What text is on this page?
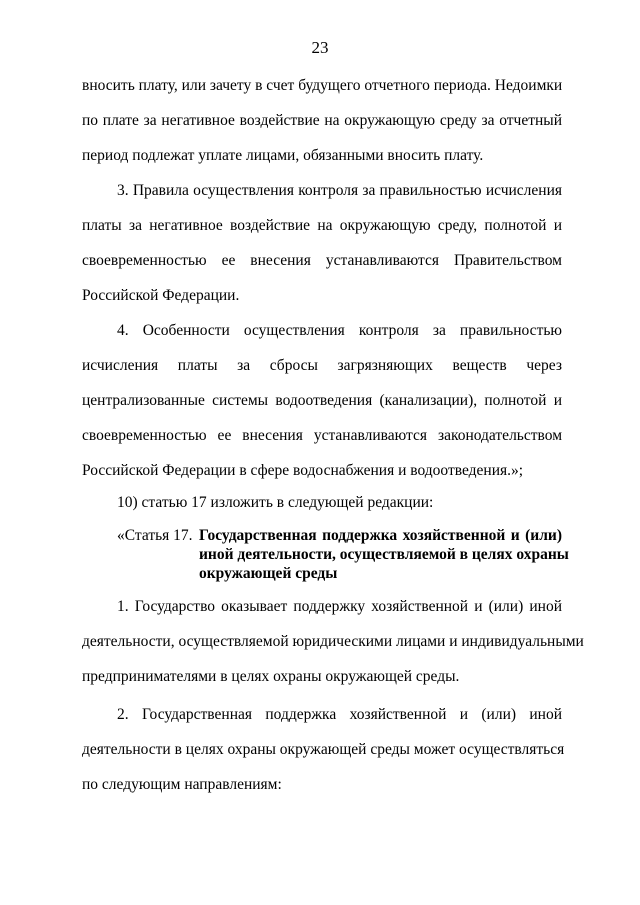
23
вносить плату, или зачету в счет будущего отчетного периода. Недоимки
по плате за негативное воздействие на окружающую среду за отчетный
период подлежат уплате лицами, обязанными вносить плату.
3. Правила осуществления контроля за правильностью исчисления
платы за негативное воздействие на окружающую среду, полнотой и
своевременностью ее внесения устанавливаются Правительством
Российской Федерации.
4. Особенности осуществления контроля за правильностью
исчисления платы за сбросы загрязняющих веществ через
централизованные системы водоотведения (канализации), полнотой и
своевременностью ее внесения устанавливаются законодательством
Российской Федерации в сфере водоснабжения и водоотведения.»;
10) статью 17 изложить в следующей редакции:
«Статья 17. Государственная поддержка хозяйственной и (или)
иной деятельности, осуществляемой в целях охраны
окружающей среды
1. Государство оказывает поддержку хозяйственной и (или) иной
деятельности, осуществляемой юридическими лицами и индивидуальными
предпринимателями в целях охраны окружающей среды.
2. Государственная поддержка хозяйственной и (или) иной
деятельности в целях охраны окружающей среды может осуществляться
по следующим направлениям:
